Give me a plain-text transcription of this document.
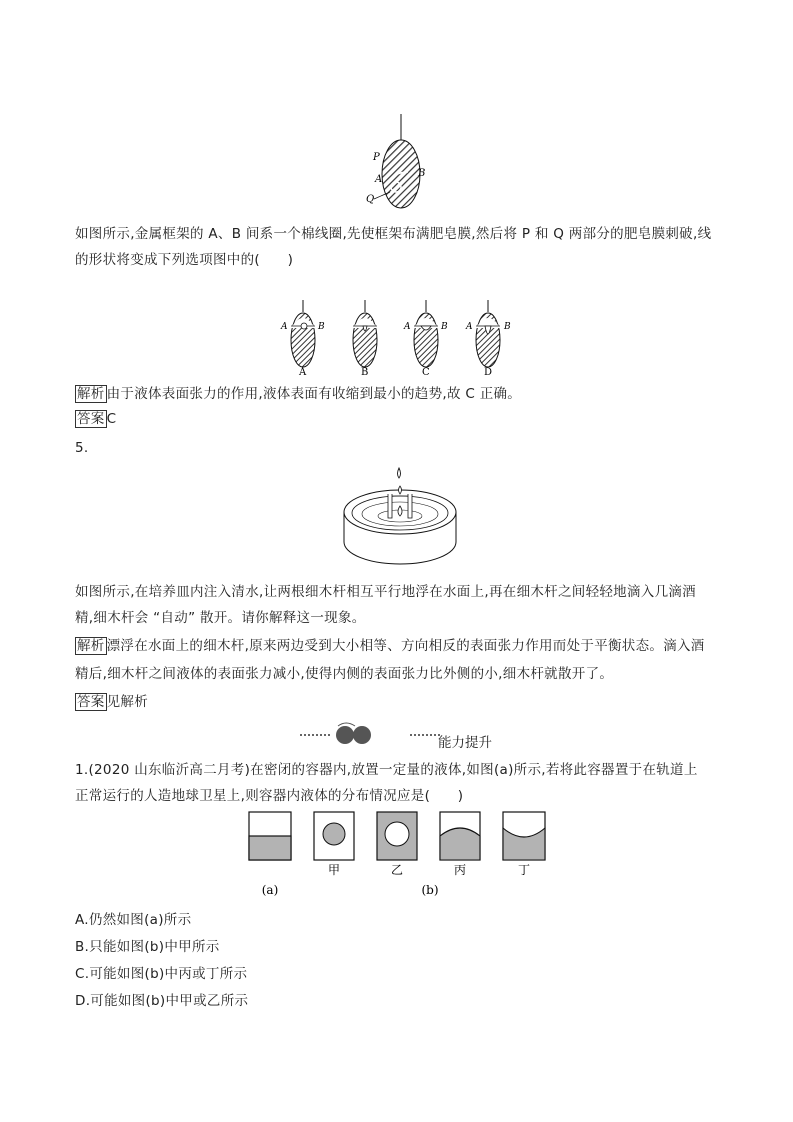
P
A
B
Q
如图所示,金属框架的 A、B 间系一个棉线圈,先使框架布满肥皂膜,然后将 P 和 Q 两部分的肥皂膜刺破,线
的形状将变成下列选项图中的(　　)
A	B
A	B
A	B
C
A	B
D
解析 由于液体表面张力的作用,液体表面有收缩到最小的趋势,故 C 正确。
答案 C
5.
如图所示,在培养皿内注入清水,让两根细木杆相互平行地浮在水面上,再在细木杆之间轻轻地滴入几滴酒
精,细木杆会 “自动” 散开。请你解释这一现象。
解析 漂浮在水面上的细木杆,原来两边受到大小相等、方向相反的表面张力作用而处于平衡状态。滴入酒
精后,细木杆之间液体的表面张力减小,使得内侧的表面张力比外侧的小,细木杆就散开了。
答案 见解析
能力提升
1.(2020 山东临沂高二月考)在密闭的容器内,放置一定量的液体,如图(a)所示,若将此容器置于在轨道上
正常运行的人造地球卫星上,则容器内液体的分布情况应是(　　)
甲	乙	丙	丁
(a)	(b)
A.仍然如图(a)所示
B.只能如图(b)中甲所示
C.可能如图(b)中丙或丁所示
D.可能如图(b)中甲或乙所示
